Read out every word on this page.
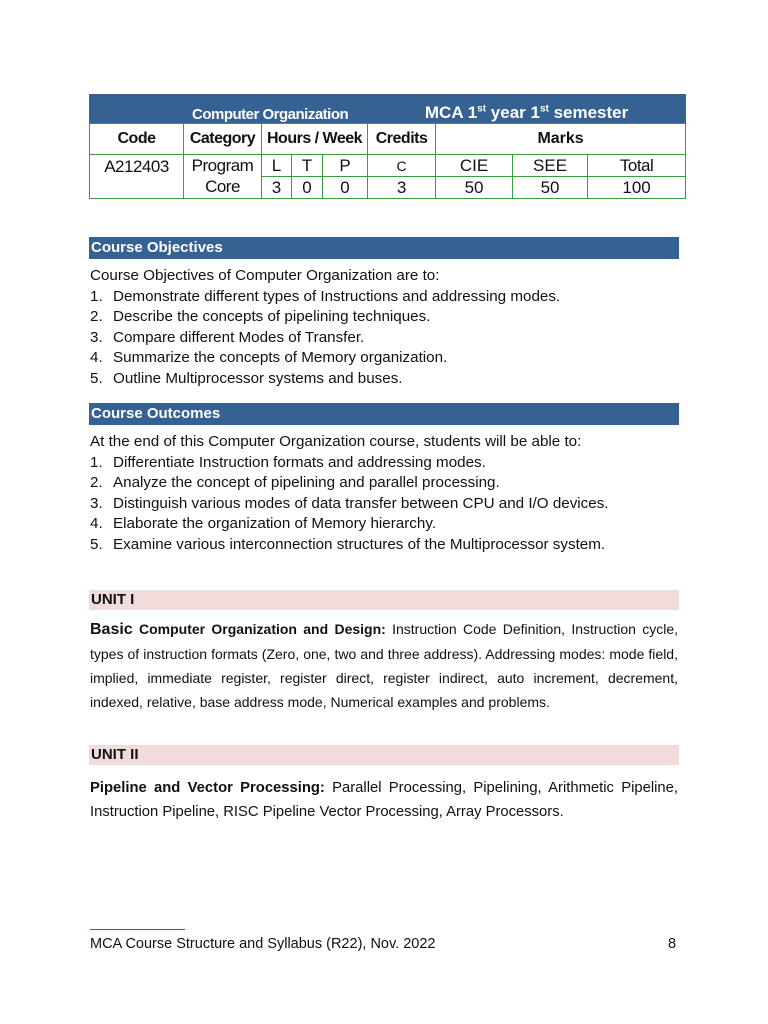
	Computer Organization				MCA 1st year 1st semester			
Code	Category	Hours / Week			Credits	Marks		
A212403	Program	L	T	P	C	CIE	SEE	Total
	Core	3	0	0	3	50	50	100
Course Objectives
Course Objectives of Computer Organization are to:
1. Demonstrate different types of Instructions and addressing modes.
2. Describe the concepts of pipelining techniques.
3. Compare different Modes of Transfer.
4. Summarize the concepts of Memory organization.
5. Outline Multiprocessor systems and buses.
Course Outcomes
At the end of this Computer Organization course, students will be able to:
1. Differentiate Instruction formats and addressing modes.
2. Analyze the concept of pipelining and parallel processing.
3. Distinguish various modes of data transfer between CPU and I/O devices.
4. Elaborate the organization of Memory hierarchy.
5. Examine various interconnection structures of the Multiprocessor system.
UNIT I
Basic Computer Organization and Design: Instruction Code Definition, Instruction cycle, types of instruction formats (Zero, one, two and three address). Addressing modes: mode field, implied, immediate register, register direct, register indirect, auto increment, decrement, indexed, relative, base address mode, Numerical examples and problems.
UNIT II
Pipeline and Vector Processing: Parallel Processing, Pipelining, Arithmetic Pipeline, Instruction Pipeline, RISC Pipeline Vector Processing, Array Processors.
MCA Course Structure and Syllabus (R22), Nov. 2022	8
